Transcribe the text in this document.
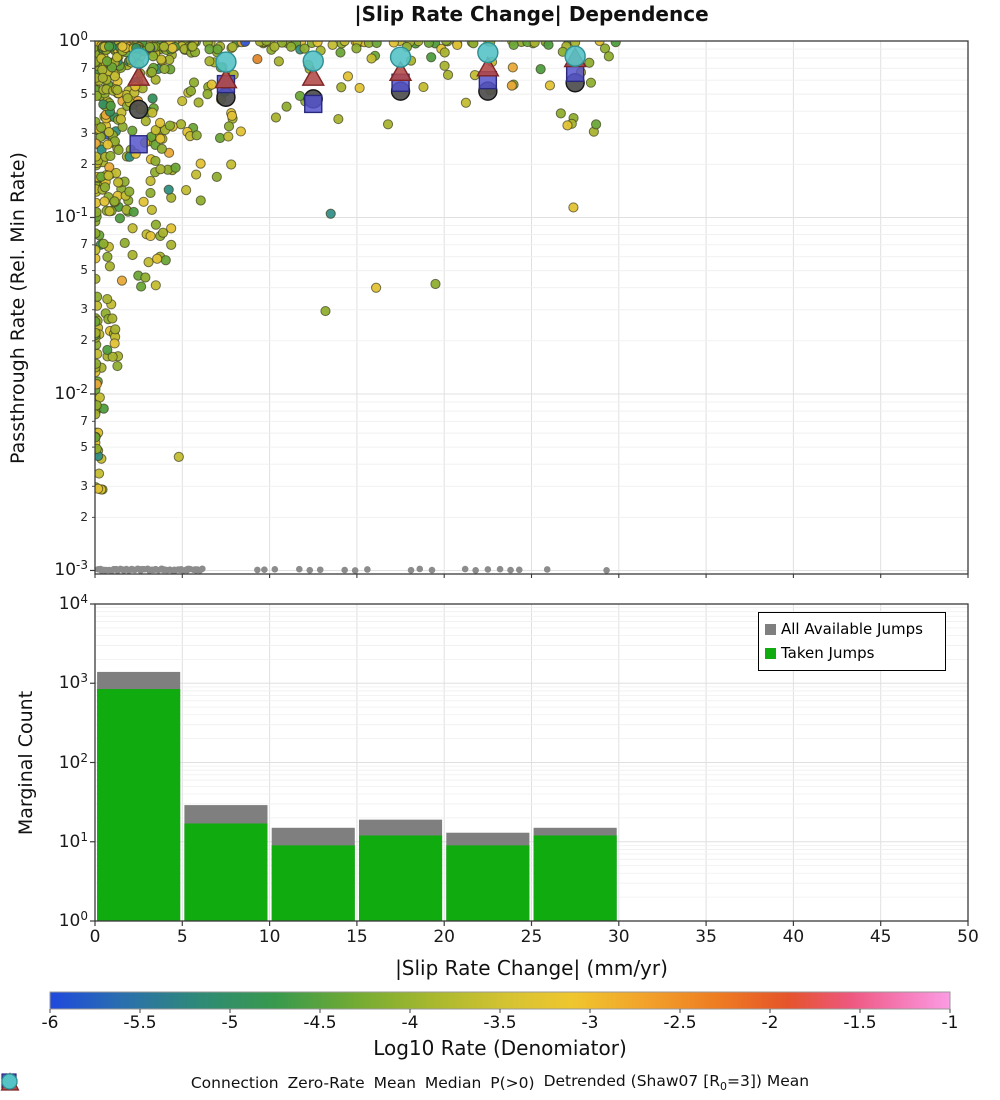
|Slip Rate Change| Dependence
Passthrough Rate (Rel. Min Rate)
Marginal Count
|Slip Rate Change| (mm/yr)
Log10 Rate (Denomiator)
All Available Jumps
Taken Jumps
Connection Zero-Rate Mean Median P(>0) Detrended (Shaw07 $[R_0=3]$) Mean
$10^0$
$10^{-1}$
$10^{-2}$
$10^{-3}$
7
5
3
2
7
5
3
2
7
5
3
2
$10^4$
$10^3$
$10^2$
$10^1$
$10^0$
0	5	10	15	20	25	30	35	40	45	50
-6	-5.5	-5	-4.5	-4	-3.5	-3	-2.5	-2	-1.5	-1
